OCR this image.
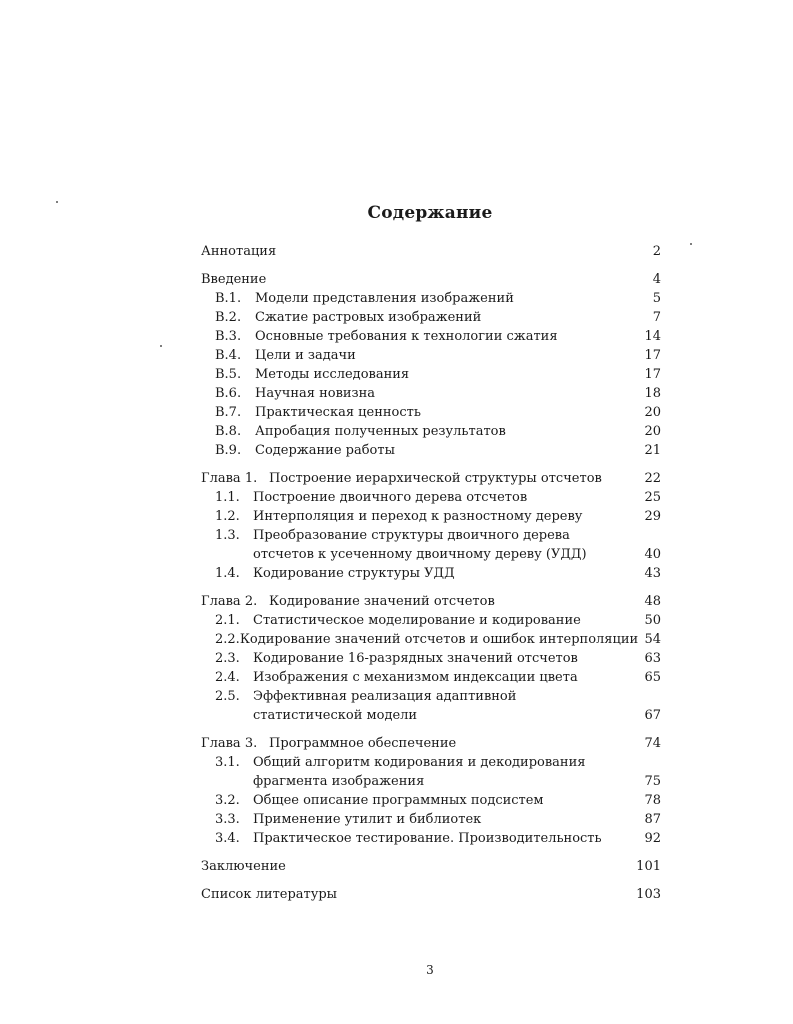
Содержание
Аннотация	2
Введение	4
B.1.	Модели представления изображений	5
B.2.	Сжатие растровых изображений	7
B.3.	Основные требования к технологии сжатия	14
B.4.	Цели и задачи	17
B.5.	Методы исследования	17
B.6.	Научная новизна	18
B.7.	Практическая ценность	20
B.8.	Апробация полученных результатов	20
B.9.	Содержание работы	21
Глава 1. Построение иерархической структуры отсчетов	22
1.1.	Построение двоичного дерева отсчетов	25
1.2.	Интерполяция и переход к разностному дереву	29
1.3.	Преобразование структуры двоичного дерева отсчетов к усеченному двоичному дереву (УДД)	40
1.4.	Кодирование структуры УДД	43
Глава 2. Кодирование значений отсчетов	48
2.1.	Статистическое моделирование и кодирование	50
2.2. Кодирование значений отсчетов и ошибок интерполяции 54
2.3.	Кодирование 16-разрядных значений отсчетов	63
2.4.	Изображения с механизмом индексации цвета	65
2.5.	Эффективная реализация адаптивной статистической модели	67
Глава 3. Программное обеспечение	74
3.1.	Общий алгоритм кодирования и декодирования фрагмента изображения	75
3.2.	Общее описание программных подсистем	78
3.3.	Применение утилит и библиотек	87
3.4.	Практическое тестирование. Производительность	92
Заключение	101
Список литературы	103
3
